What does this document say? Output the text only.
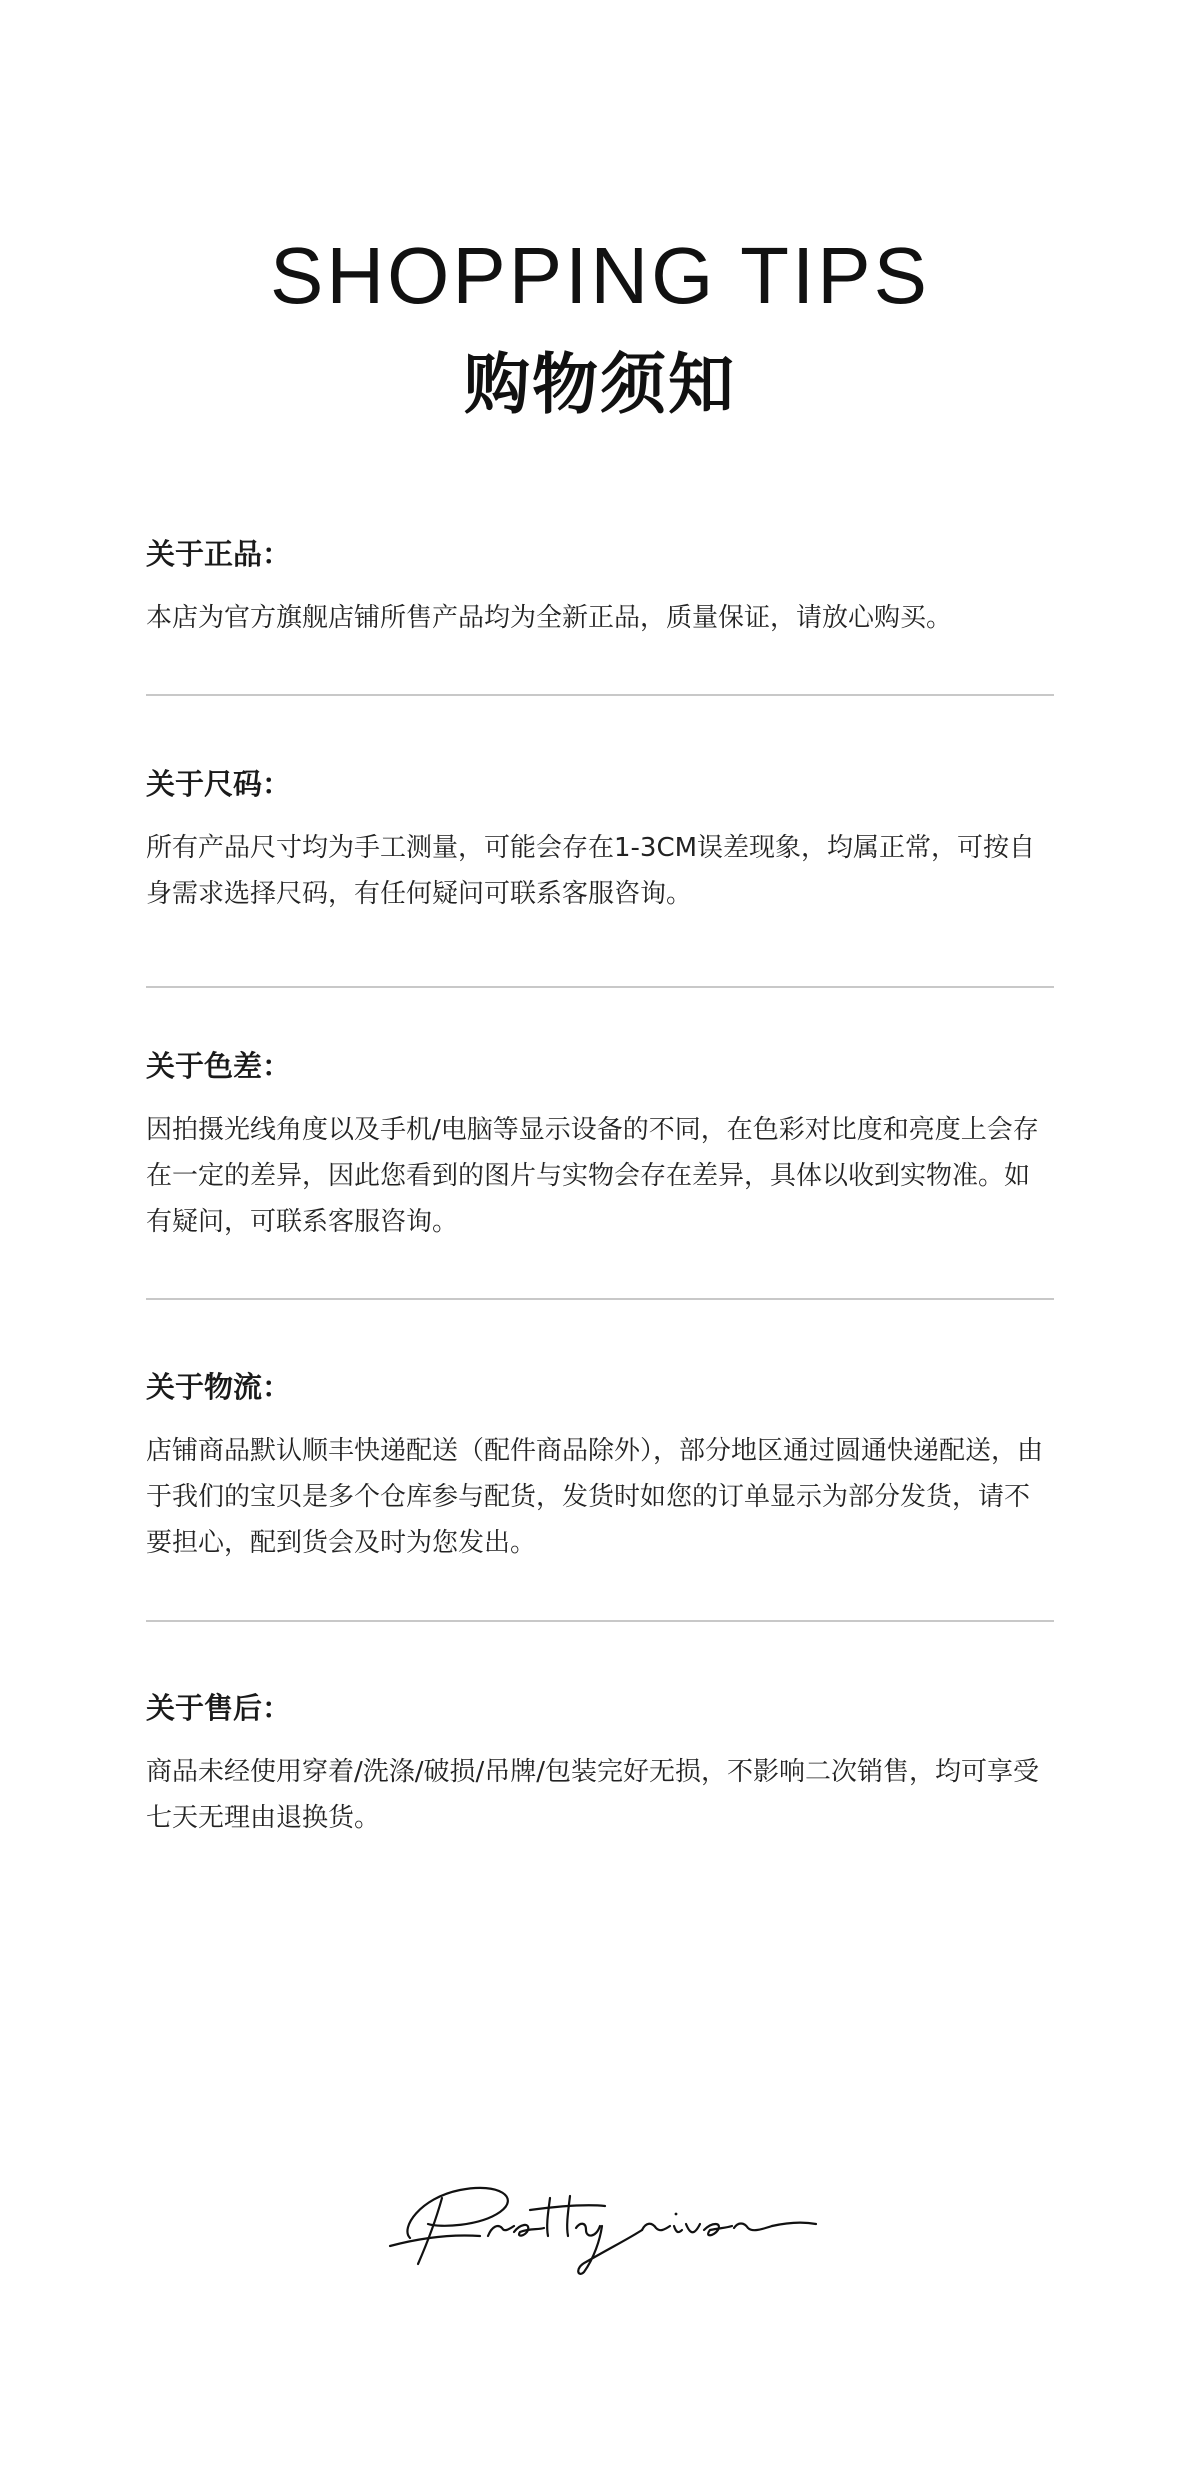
SHOPPING TIPS
购物须知
关于正品：
本店为官方旗舰店铺所售产品均为全新正品，质量保证，请放心购买。
关于尺码：
所有产品尺寸均为手工测量，可能会存在1-3CM误差现象，均属正常，可按自身需求选择尺码，有任何疑问可联系客服咨询。
关于色差：
因拍摄光线角度以及手机/电脑等显示设备的不同，在色彩对比度和亮度上会存在一定的差异，因此您看到的图片与实物会存在差异，具体以收到实物准。如有疑问，可联系客服咨询。
关于物流：
店铺商品默认顺丰快递配送（配件商品除外），部分地区通过圆通快递配送，由于我们的宝贝是多个仓库参与配货，发货时如您的订单显示为部分发货，请不要担心，配到货会及时为您发出。
关于售后：
商品未经使用穿着/洗涤/破损/吊牌/包装完好无损，不影响二次销售，均可享受七天无理由退换货。
